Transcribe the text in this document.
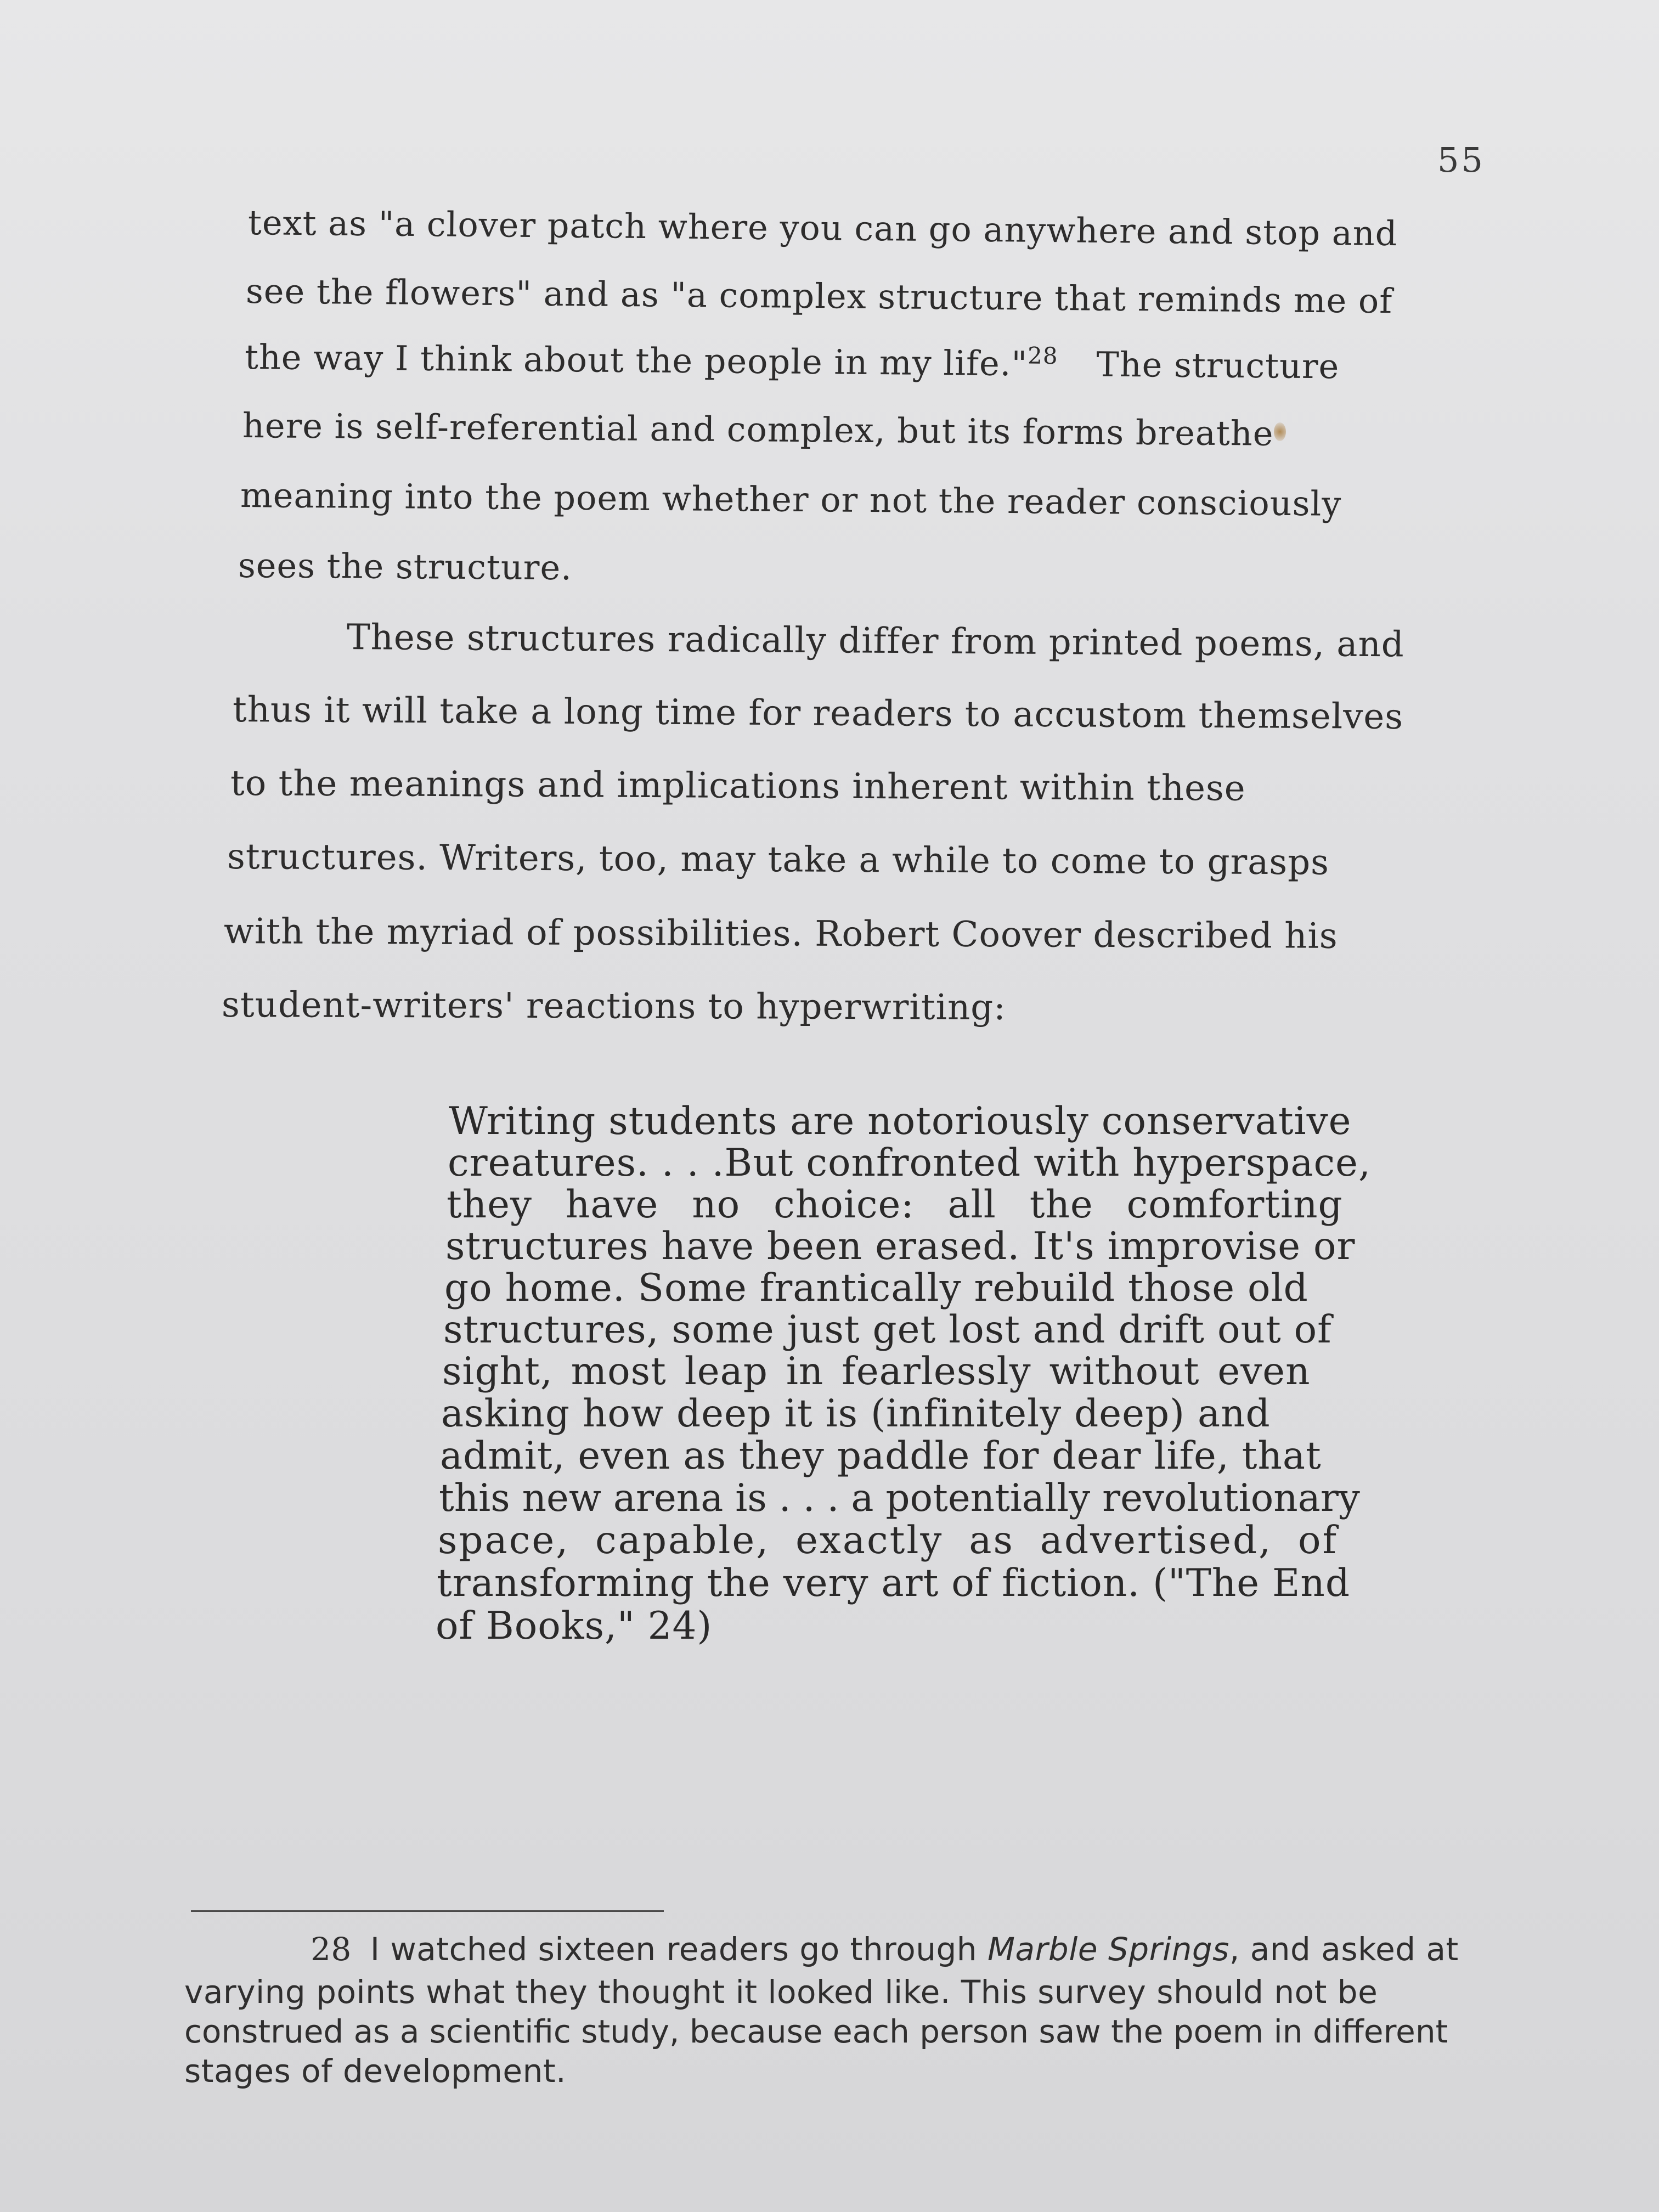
55
text as "a clover patch where you can go anywhere and stop and
see the flowers" and as "a complex structure that reminds me of
the way I think about the people in my life."$^{28}$ The structure
here is self-referential and complex, but its forms breathe
meaning into the poem whether or not the reader consciously
sees the structure.
These structures radically differ from printed poems, and
thus it will take a long time for readers to accustom themselves
to the meanings and implications inherent within these
structures. Writers, too, may take a while to come to grasps
with the myriad of possibilities. Robert Coover described his
student-writers' reactions to hyperwriting:
Writing students are notoriously conservative
creatures. . . .But confronted with hyperspace,
they have no choice: all the comforting
structures have been erased. It's improvise or
go home. Some frantically rebuild those old
structures, some just get lost and drift out of
sight, most leap in fearlessly without even
asking how deep it is (infinitely deep) and
admit, even as they paddle for dear life, that
this new arena is . . . a potentially revolutionary
space, capable, exactly as advertised, of
transforming the very art of fiction. ("The End
of Books," 24)
28 I watched sixteen readers go through Marble Springs, and asked at
varying points what they thought it looked like. This survey should not be
construed as a scientific study, because each person saw the poem in different
stages of development.
